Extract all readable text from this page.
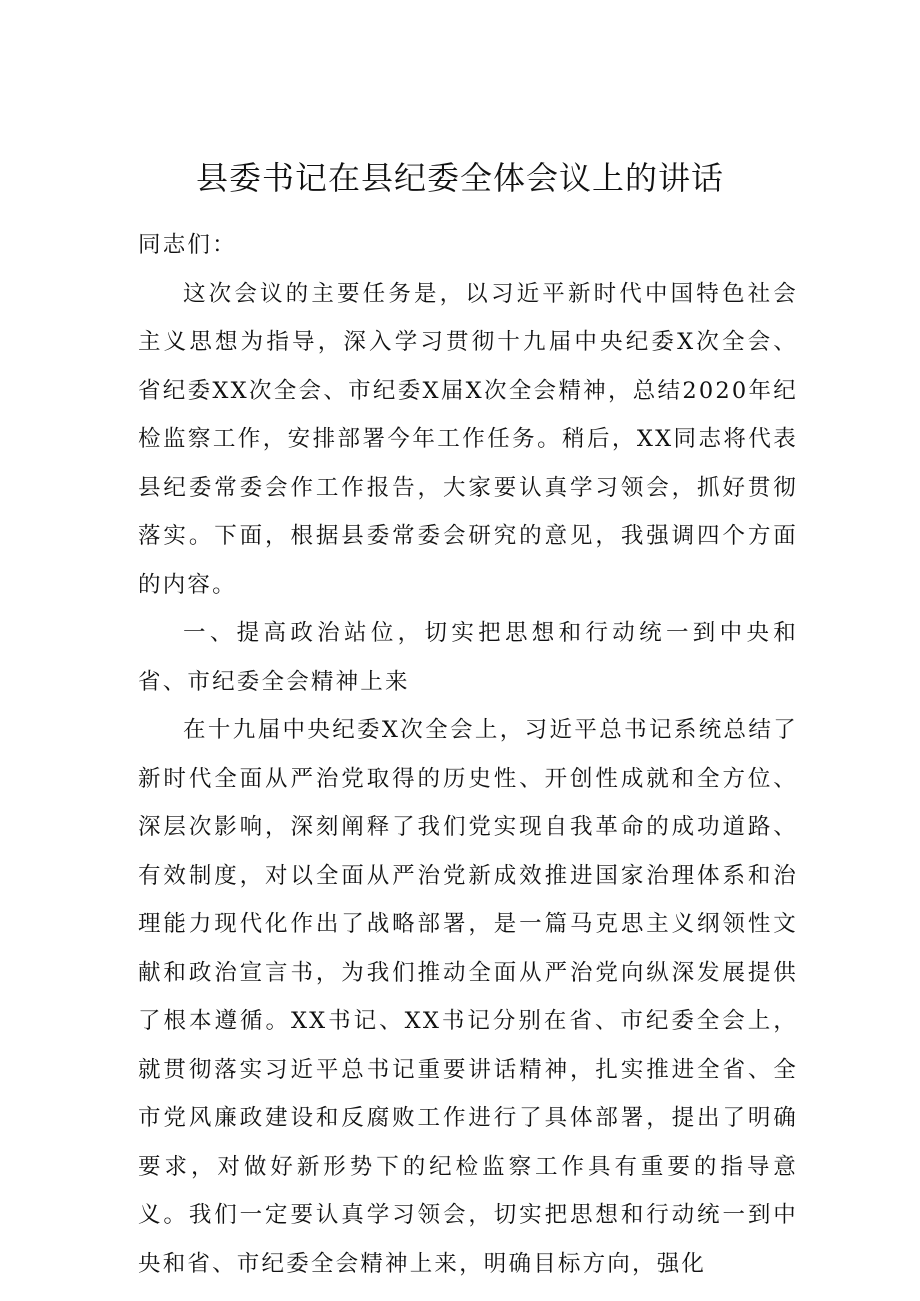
县委书记在县纪委全体会议上的讲话

同志们：

这次会议的主要任务是，以习近平新时代中国特色社会主义思想为指导，深入学习贯彻十九届中央纪委X次全会、省纪委XX次全会、市纪委X届X次全会精神，总结2020年纪检监察工作，安排部署今年工作任务。稍后，XX同志将代表县纪委常委会作工作报告，大家要认真学习领会，抓好贯彻落实。下面，根据县委常委会研究的意见，我强调四个方面的内容。

一、提高政治站位，切实把思想和行动统一到中央和省、市纪委全会精神上来

在十九届中央纪委X次全会上，习近平总书记系统总结了新时代全面从严治党取得的历史性、开创性成就和全方位、深层次影响，深刻阐释了我们党实现自我革命的成功道路、有效制度，对以全面从严治党新成效推进国家治理体系和治理能力现代化作出了战略部署，是一篇马克思主义纲领性文献和政治宣言书，为我们推动全面从严治党向纵深发展提供了根本遵循。XX书记、XX书记分别在省、市纪委全会上，就贯彻落实习近平总书记重要讲话精神，扎实推进全省、全市党风廉政建设和反腐败工作进行了具体部署，提出了明确要求，对做好新形势下的纪检监察工作具有重要的指导意义。我们一定要认真学习领会，切实把思想和行动统一到中央和省、市纪委全会精神上来，明确目标方向，强化
